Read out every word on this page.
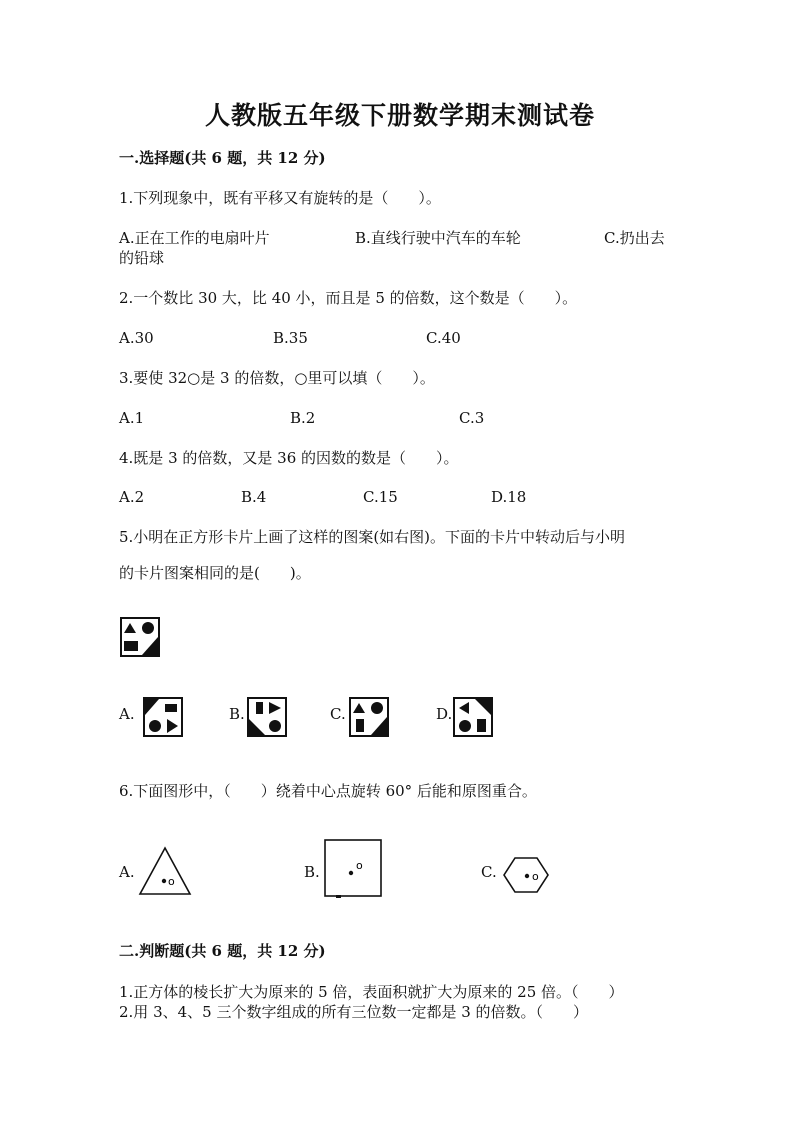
人教版五年级下册数学期末测试卷
一.选择题(共 6 题，共 12 分)
1.下列现象中，既有平移又有旋转的是（　　）。
A.正在工作的电扇叶片	B.直线行驶中汽车的车轮	C.扔出去
的铅球
2.一个数比 30 大，比 40 小，而且是 5 的倍数，这个数是（　　）。
A.30	B.35	C.40
3.要使 32○是 3 的倍数，○里可以填（　　）。
A.1	B.2	C.3
4.既是 3 的倍数，又是 36 的因数的数是（　　）。
A.2	B.4	C.15	D.18
5.小明在正方形卡片上画了这样的图案(如右图)。下面的卡片中转动后与小明
的卡片图案相同的是(　　)。
A.	B.	C.	D.
6.下面图形中，（　　）绕着中心点旋转 60° 后能和原图重合。
A.
o
B.	o	C.	o
二.判断题(共 6 题，共 12 分)
1.正方体的棱长扩大为原来的 5 倍，表面积就扩大为原来的 25 倍。（　　）
2.用 3、4、5 三个数字组成的所有三位数一定都是 3 的倍数。（　　）
